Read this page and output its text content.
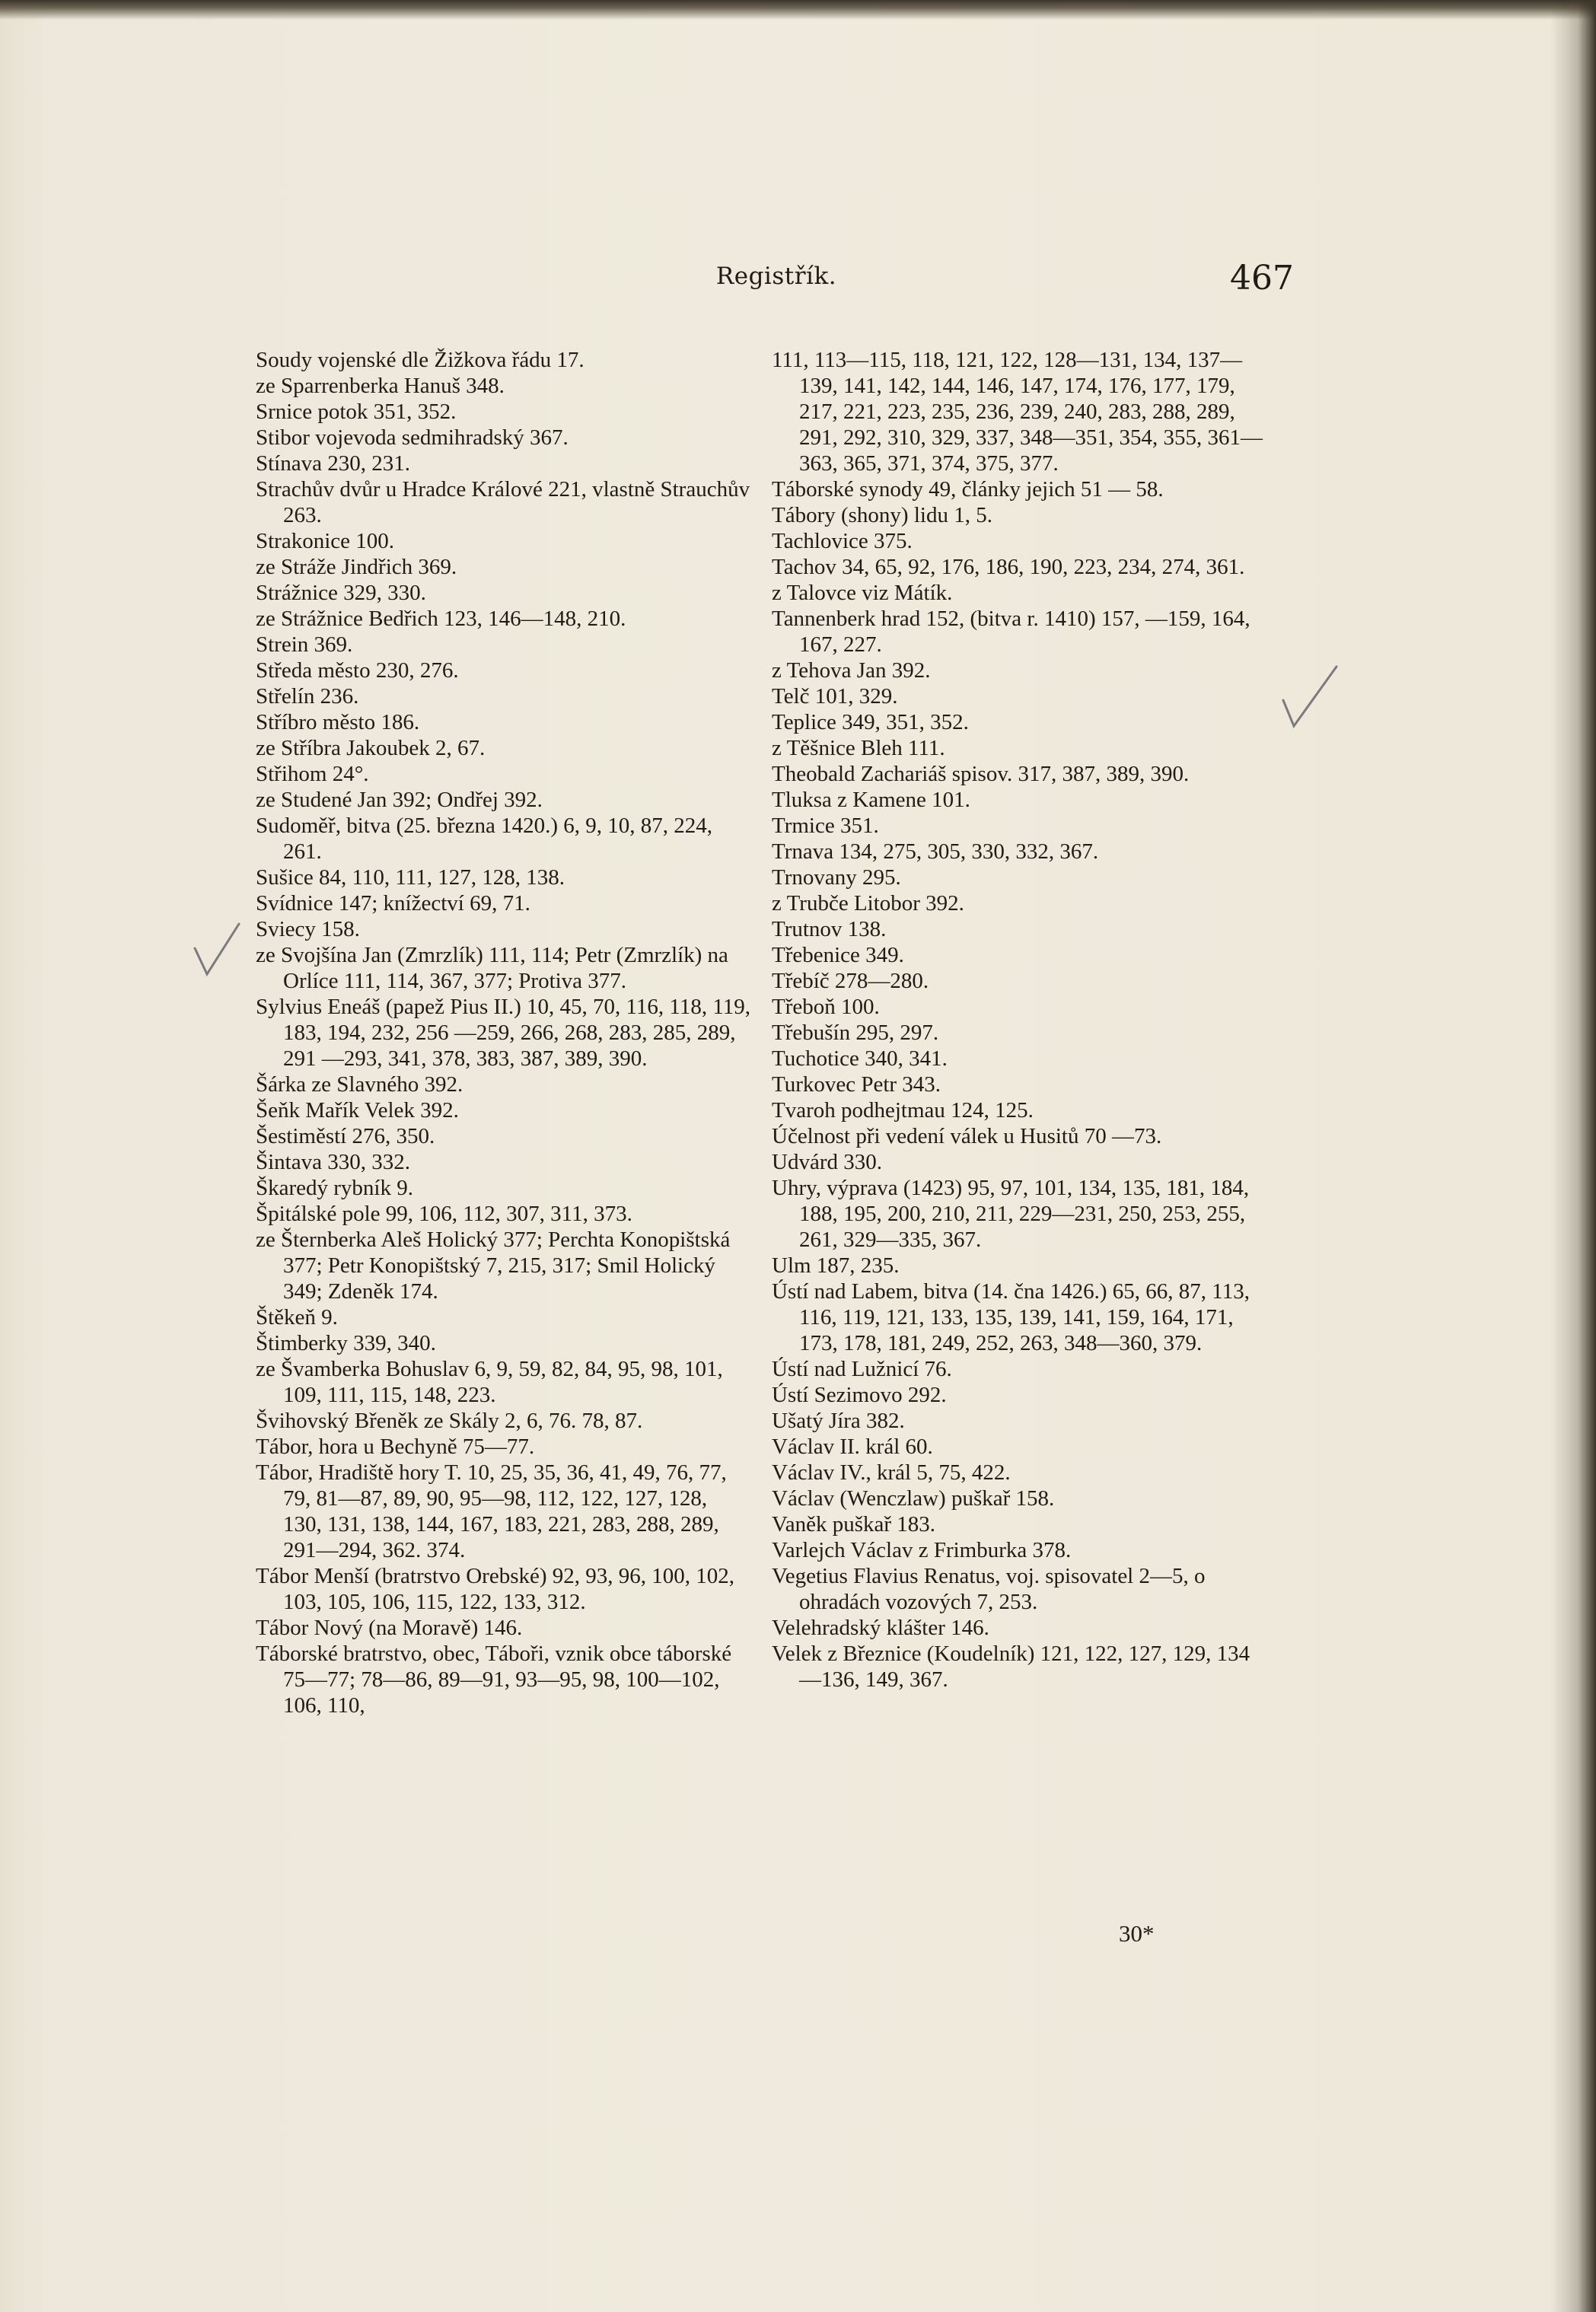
Registřík.	467
Soudy vojenské dle Žižkova řádu 17.
ze Sparrenberka Hanuš 348.
Srnice potok 351, 352.
Stibor vojevoda sedmihradský 367.
Stínava 230, 231.
Strachův dvůr u Hradce Králové 221, vlastně Strauchův 263.
Strakonice 100.
ze Stráže Jindřich 369.
Strážnice 329, 330.
ze Strážnice Bedřich 123, 146—148, 210.
Strein 369.
Středa město 230, 276.
Střelín 236.
Stříbro město 186.
ze Stříbra Jakoubek 2, 67.
Střihom 24°.
ze Studené Jan 392; Ondřej 392.
Sudoměř, bitva (25. března 1420.) 6, 9, 10, 87, 224, 261.
Sušice 84, 110, 111, 127, 128, 138.
Svídnice 147; knížectví 69, 71.
Sviecy 158.
ze Svojšína Jan (Zmrzlík) 111, 114; Petr (Zmrzlík) na Orlíce 111, 114, 367, 377; Protiva 377.
Sylvius Eneáš (papež Pius II.) 10, 45, 70, 116, 118, 119, 183, 194, 232, 256 —259, 266, 268, 283, 285, 289, 291 —293, 341, 378, 383, 387, 389, 390.
Šárka ze Slavného 392.
Šeňk Mařík Velek 392.
Šestiměstí 276, 350.
Šintava 330, 332.
Škaredý rybník 9.
Špitálské pole 99, 106, 112, 307, 311, 373.
ze Šternberka Aleš Holický 377; Perchta Konopištská 377; Petr Konopištský 7, 215, 317; Smil Holický 349; Zdeněk 174.
Štěkeň 9.
Štimberky 339, 340.
ze Švamberka Bohuslav 6, 9, 59, 82, 84, 95, 98, 101, 109, 111, 115, 148, 223.
Švihovský Břeněk ze Skály 2, 6, 76. 78, 87.
Tábor, hora u Bechyně 75—77.
Tábor, Hradiště hory T. 10, 25, 35, 36, 41, 49, 76, 77, 79, 81—87, 89, 90, 95—98, 112, 122, 127, 128, 130, 131, 138, 144, 167, 183, 221, 283, 288, 289, 291—294, 362. 374.
Tábor Menší (bratrstvo Orebské) 92, 93, 96, 100, 102, 103, 105, 106, 115, 122, 133, 312.
Tábor Nový (na Moravě) 146.
Táborské bratrstvo, obec, Táboři, vznik obce táborské 75—77; 78—86, 89—91, 93—95, 98, 100—102, 106, 110,
111, 113—115, 118, 121, 122, 128—131, 134, 137—139, 141, 142, 144, 146, 147, 174, 176, 177, 179, 217, 221, 223, 235, 236, 239, 240, 283, 288, 289, 291, 292, 310, 329, 337, 348—351, 354, 355, 361—363, 365, 371, 374, 375, 377.
Táborské synody 49, články jejich 51 — 58.
Tábory (shony) lidu 1, 5.
Tachlovice 375.
Tachov 34, 65, 92, 176, 186, 190, 223, 234, 274, 361.
z Talovce viz Mátík.
Tannenberk hrad 152, (bitva r. 1410) 157, —159, 164, 167, 227.
z Tehova Jan 392.
Telč 101, 329.
Teplice 349, 351, 352.
z Těšnice Bleh 111.
Theobald Zachariáš spisov. 317, 387, 389, 390.
Tluksa z Kamene 101.
Trmice 351.
Trnava 134, 275, 305, 330, 332, 367.
Trnovany 295.
z Trubče Litobor 392.
Trutnov 138.
Třebenice 349.
Třebíč 278—280.
Třeboň 100.
Třebušín 295, 297.
Tuchotice 340, 341.
Turkovec Petr 343.
Tvaroh podhejtmau 124, 125.
Účelnost při vedení válek u Husitů 70 —73.
Udvárd 330.
Uhry, výprava (1423) 95, 97, 101, 134, 135, 181, 184, 188, 195, 200, 210, 211, 229—231, 250, 253, 255, 261, 329—335, 367.
Ulm 187, 235.
Ústí nad Labem, bitva (14. čna 1426.) 65, 66, 87, 113, 116, 119, 121, 133, 135, 139, 141, 159, 164, 171, 173, 178, 181, 249, 252, 263, 348—360, 379.
Ústí nad Lužnicí 76.
Ústí Sezimovo 292.
Ušatý Jíra 382.
Václav II. král 60.
Václav IV., král 5, 75, 422.
Václav (Wenczlaw) puškař 158.
Vaněk puškař 183.
Varlejch Václav z Frimburka 378.
Vegetius Flavius Renatus, voj. spisovatel 2—5, o ohradách vozových 7, 253.
Velehradský klášter 146.
Velek z Březnice (Koudelník) 121, 122, 127, 129, 134—136, 149, 367.
30*
